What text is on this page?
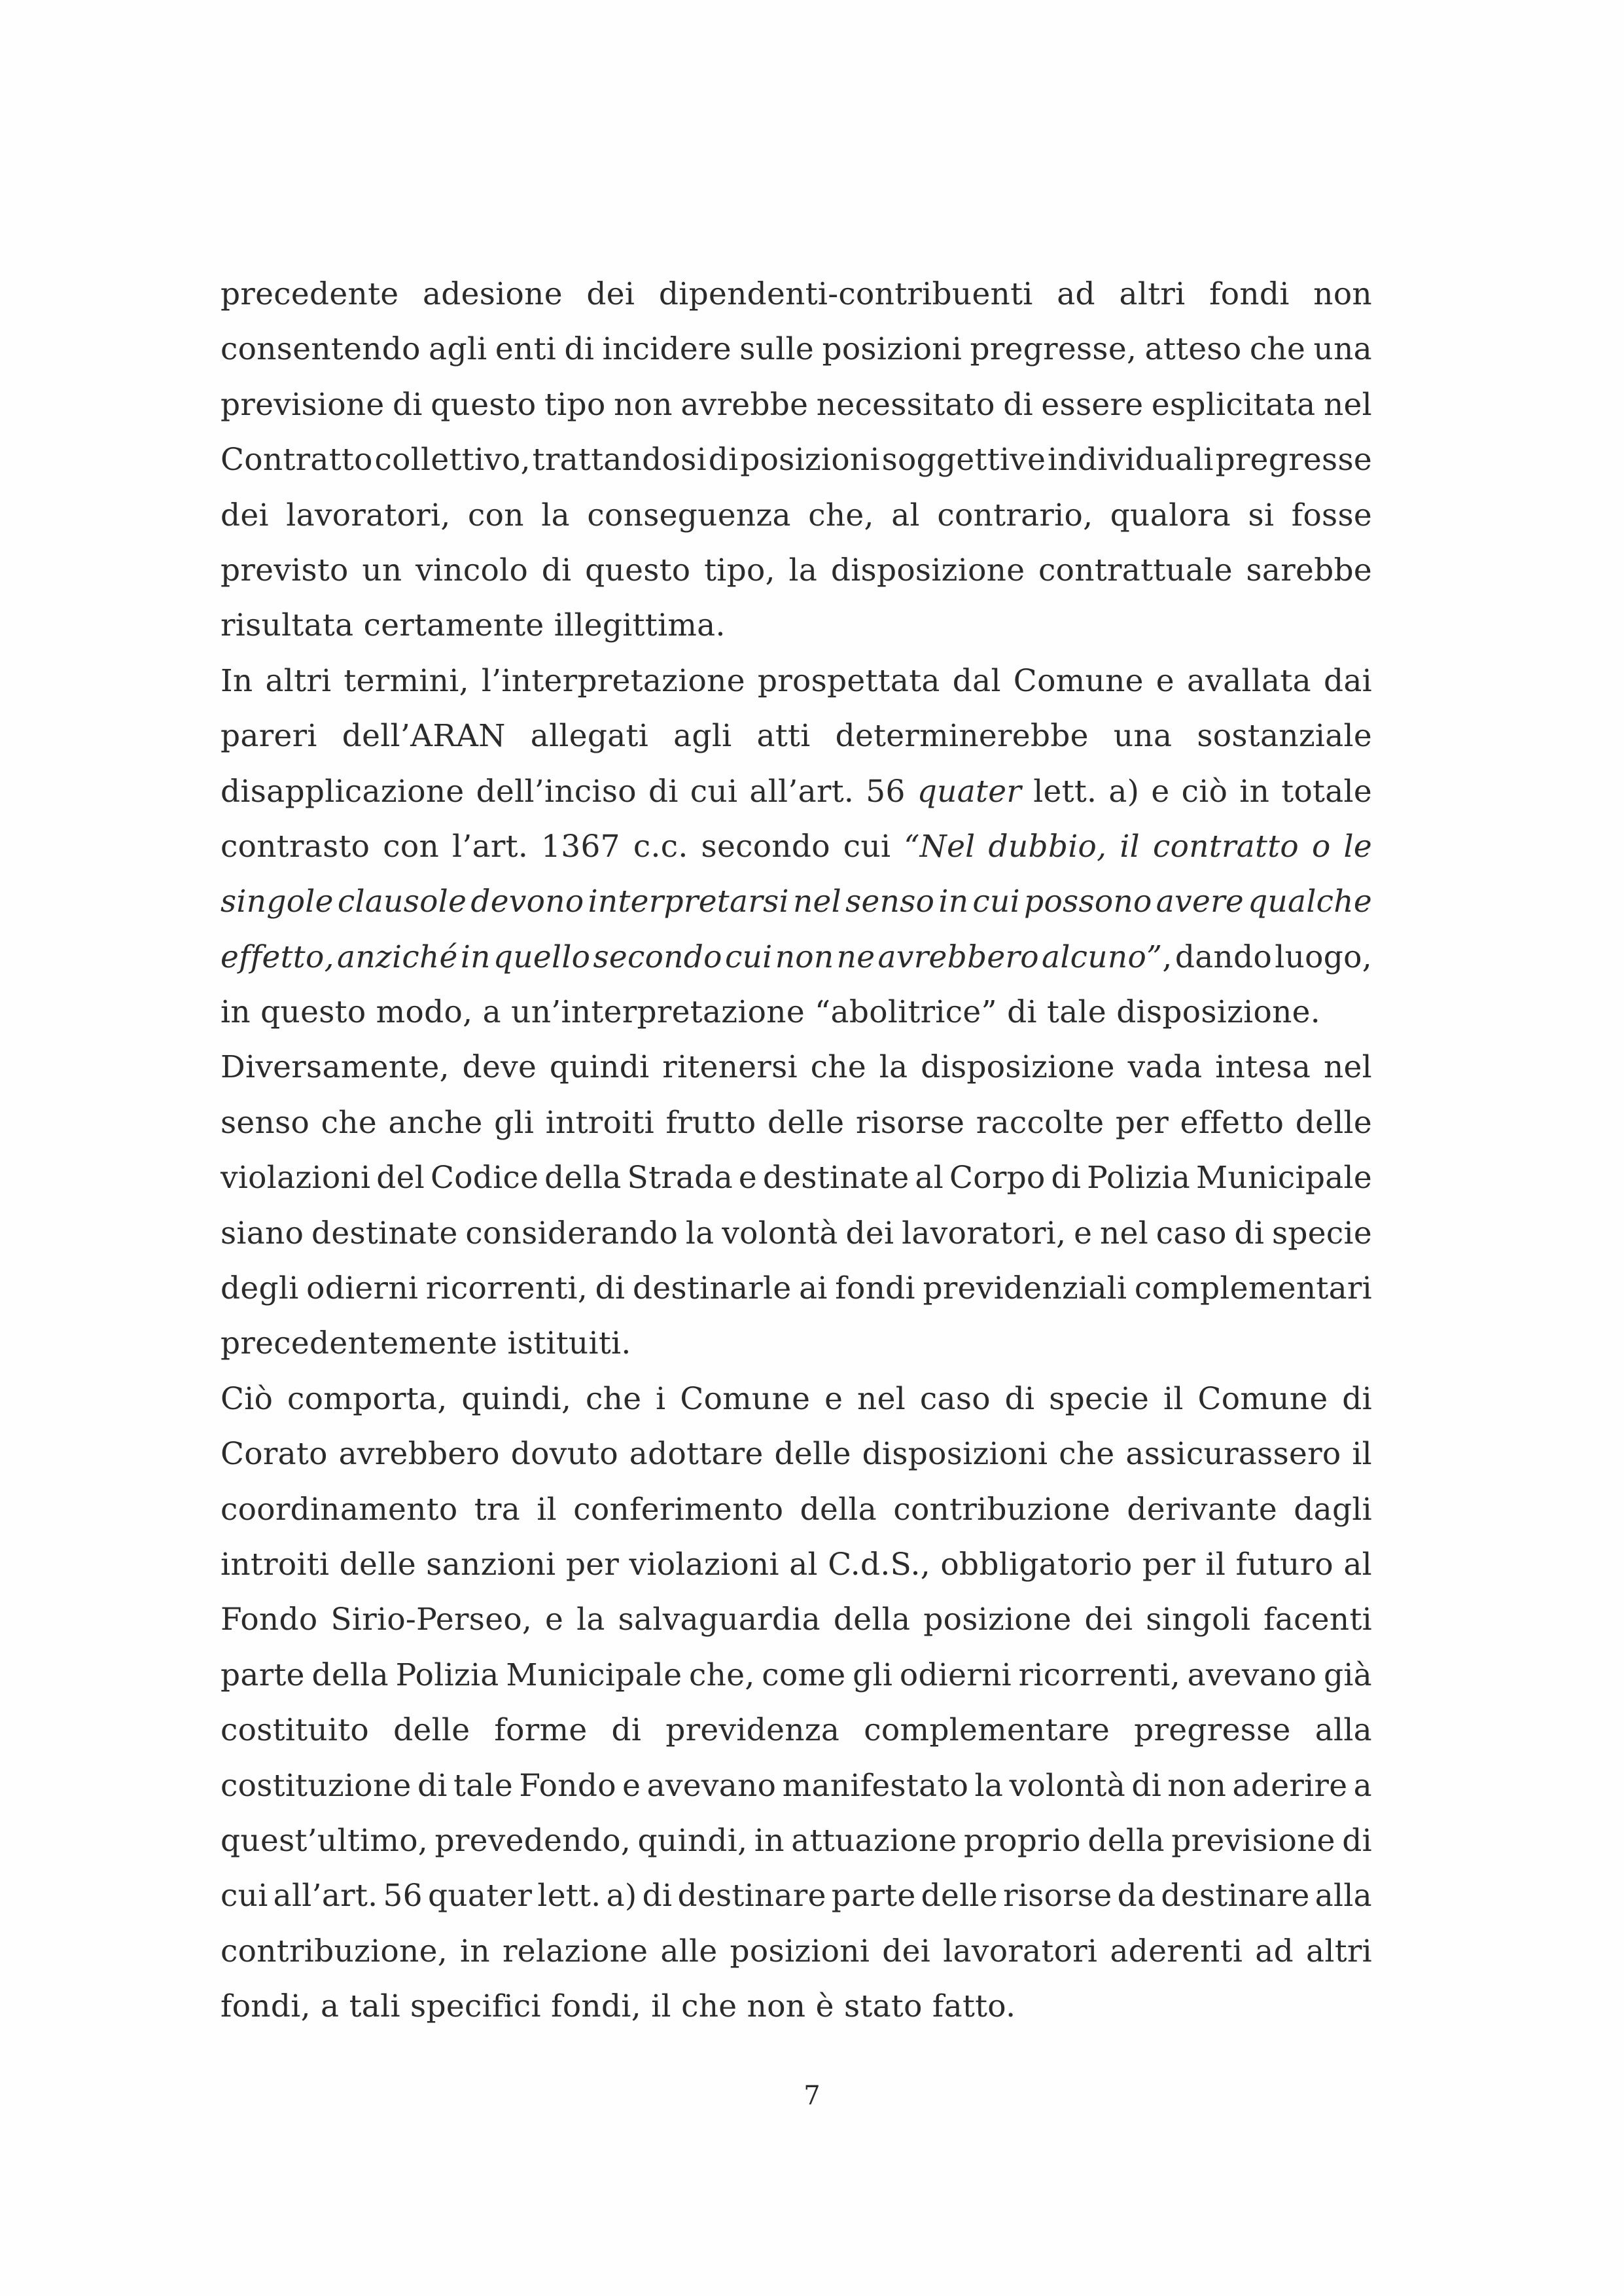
precedente adesione dei dipendenti-contribuenti ad altri fondi non
consentendo agli enti di incidere sulle posizioni pregresse, atteso che una
previsione di questo tipo non avrebbe necessitato di essere esplicitata nel
Contratto collettivo, trattandosi di posizioni soggettive individuali pregresse
dei lavoratori, con la conseguenza che, al contrario, qualora si fosse
previsto un vincolo di questo tipo, la disposizione contrattuale sarebbe
risultata certamente illegittima.
In altri termini, l’interpretazione prospettata dal Comune e avallata dai
pareri dell’ARAN allegati agli atti determinerebbe una sostanziale
disapplicazione dell’inciso di cui all’art. 56 quater lett. a) e ciò in totale
contrasto con l’art. 1367 c.c. secondo cui “Nel dubbio, il contratto o le
singole clausole devono interpretarsi nel senso in cui possono avere qualche
effetto, anziché in quello secondo cui non ne avrebbero alcuno”, dando luogo,
in questo modo, a un’interpretazione “abolitrice” di tale disposizione.
Diversamente, deve quindi ritenersi che la disposizione vada intesa nel
senso che anche gli introiti frutto delle risorse raccolte per effetto delle
violazioni del Codice della Strada e destinate al Corpo di Polizia Municipale
siano destinate considerando la volontà dei lavoratori, e nel caso di specie
degli odierni ricorrenti, di destinarle ai fondi previdenziali complementari
precedentemente istituiti.
Ciò comporta, quindi, che i Comune e nel caso di specie il Comune di
Corato avrebbero dovuto adottare delle disposizioni che assicurassero il
coordinamento tra il conferimento della contribuzione derivante dagli
introiti delle sanzioni per violazioni al C.d.S., obbligatorio per il futuro al
Fondo Sirio-Perseo, e la salvaguardia della posizione dei singoli facenti
parte della Polizia Municipale che, come gli odierni ricorrenti, avevano già
costituito delle forme di previdenza complementare pregresse alla
costituzione di tale Fondo e avevano manifestato la volontà di non aderire a
quest’ultimo, prevedendo, quindi, in attuazione proprio della previsione di
cui all’art. 56 quater lett. a) di destinare parte delle risorse da destinare alla
contribuzione, in relazione alle posizioni dei lavoratori aderenti ad altri
fondi, a tali specifici fondi, il che non è stato fatto.
7
